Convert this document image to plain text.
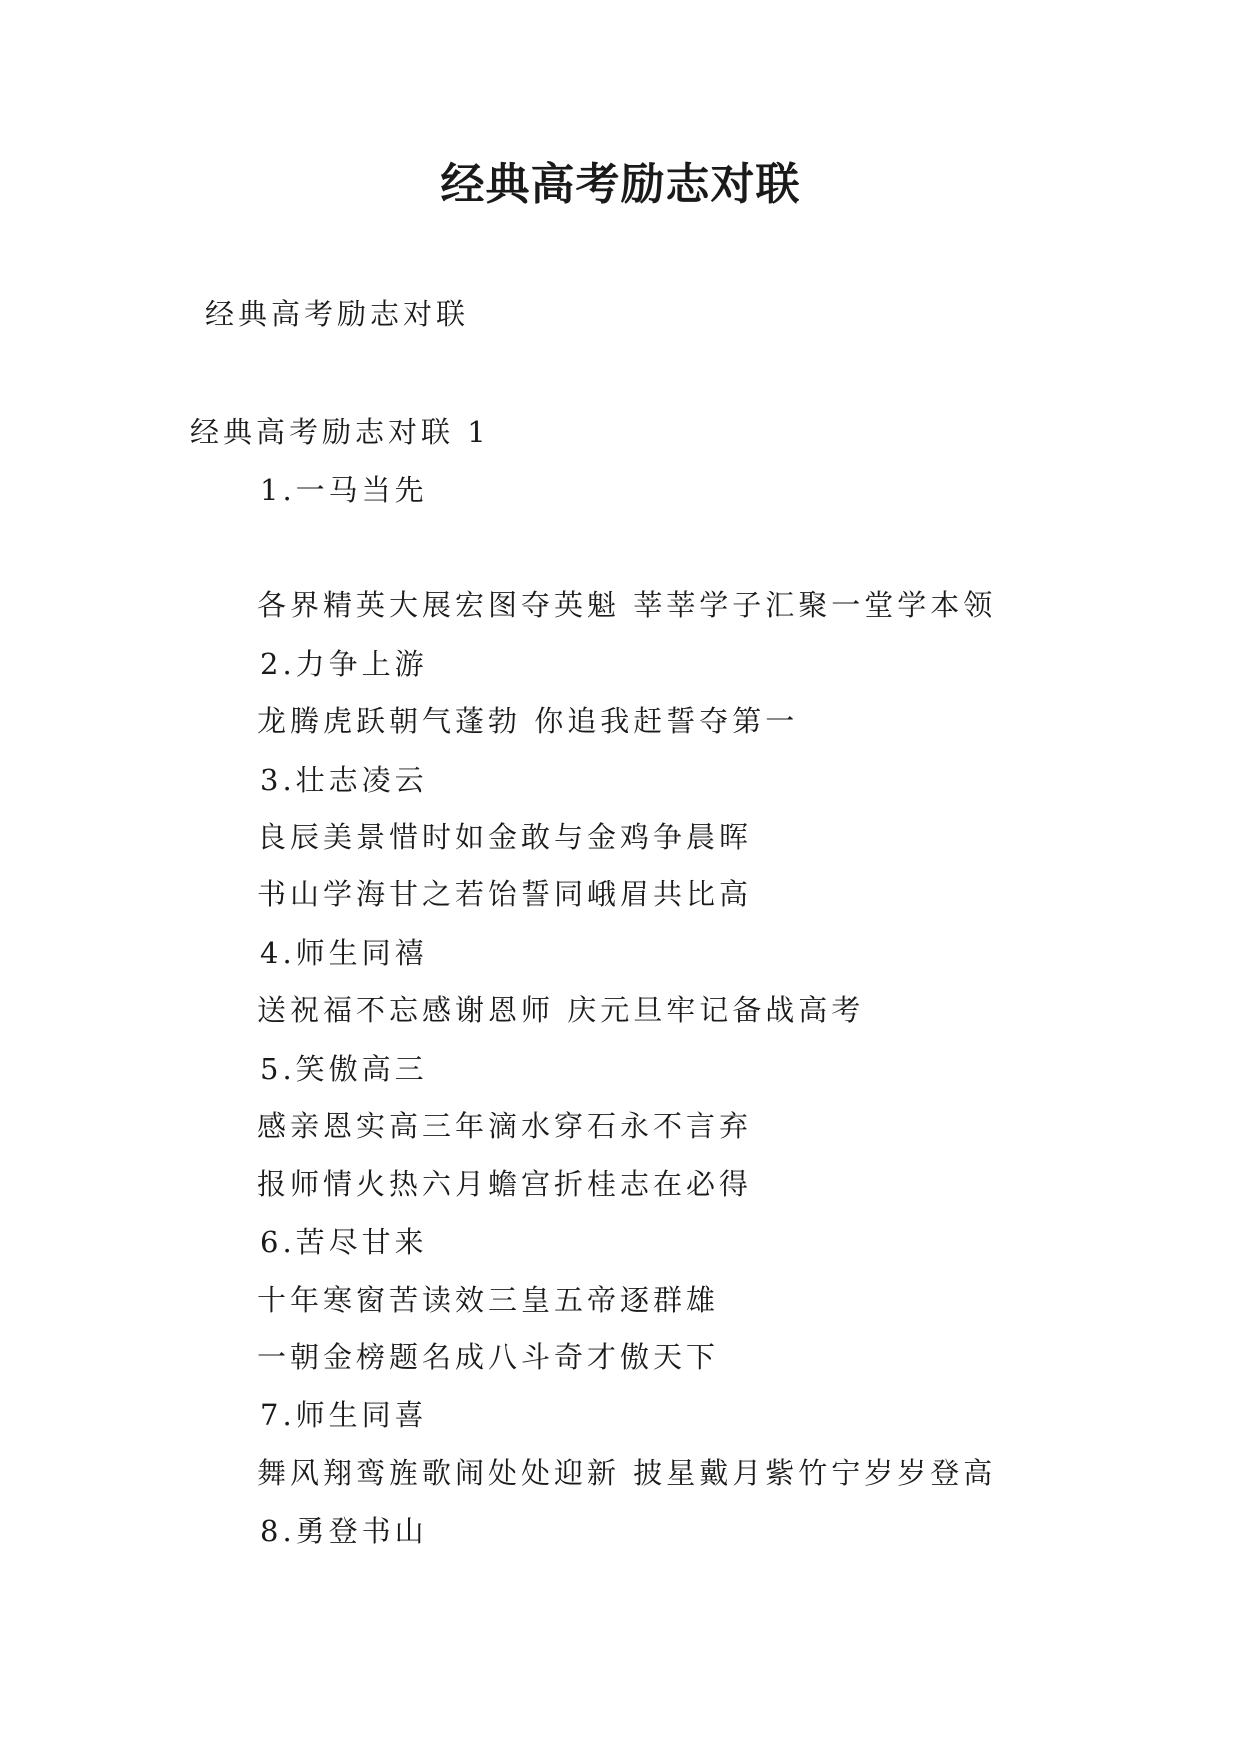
经典高考励志对联
经典高考励志对联
经典高考励志对联 1
1.一马当先
各界精英大展宏图夺英魁 莘莘学子汇聚一堂学本领
2.力争上游
龙腾虎跃朝气蓬勃 你追我赶誓夺第一
3.壮志凌云
良辰美景惜时如金敢与金鸡争晨晖
书山学海甘之若饴誓同峨眉共比高
4.师生同禧
送祝福不忘感谢恩师 庆元旦牢记备战高考
5.笑傲高三
感亲恩实高三年滴水穿石永不言弃
报师情火热六月蟾宫折桂志在必得
6.苦尽甘来
十年寒窗苦读效三皇五帝逐群雄
一朝金榜题名成八斗奇才傲天下
7.师生同喜
舞风翔鸾旌歌闹处处迎新 披星戴月紫竹宁岁岁登高
8.勇登书山
